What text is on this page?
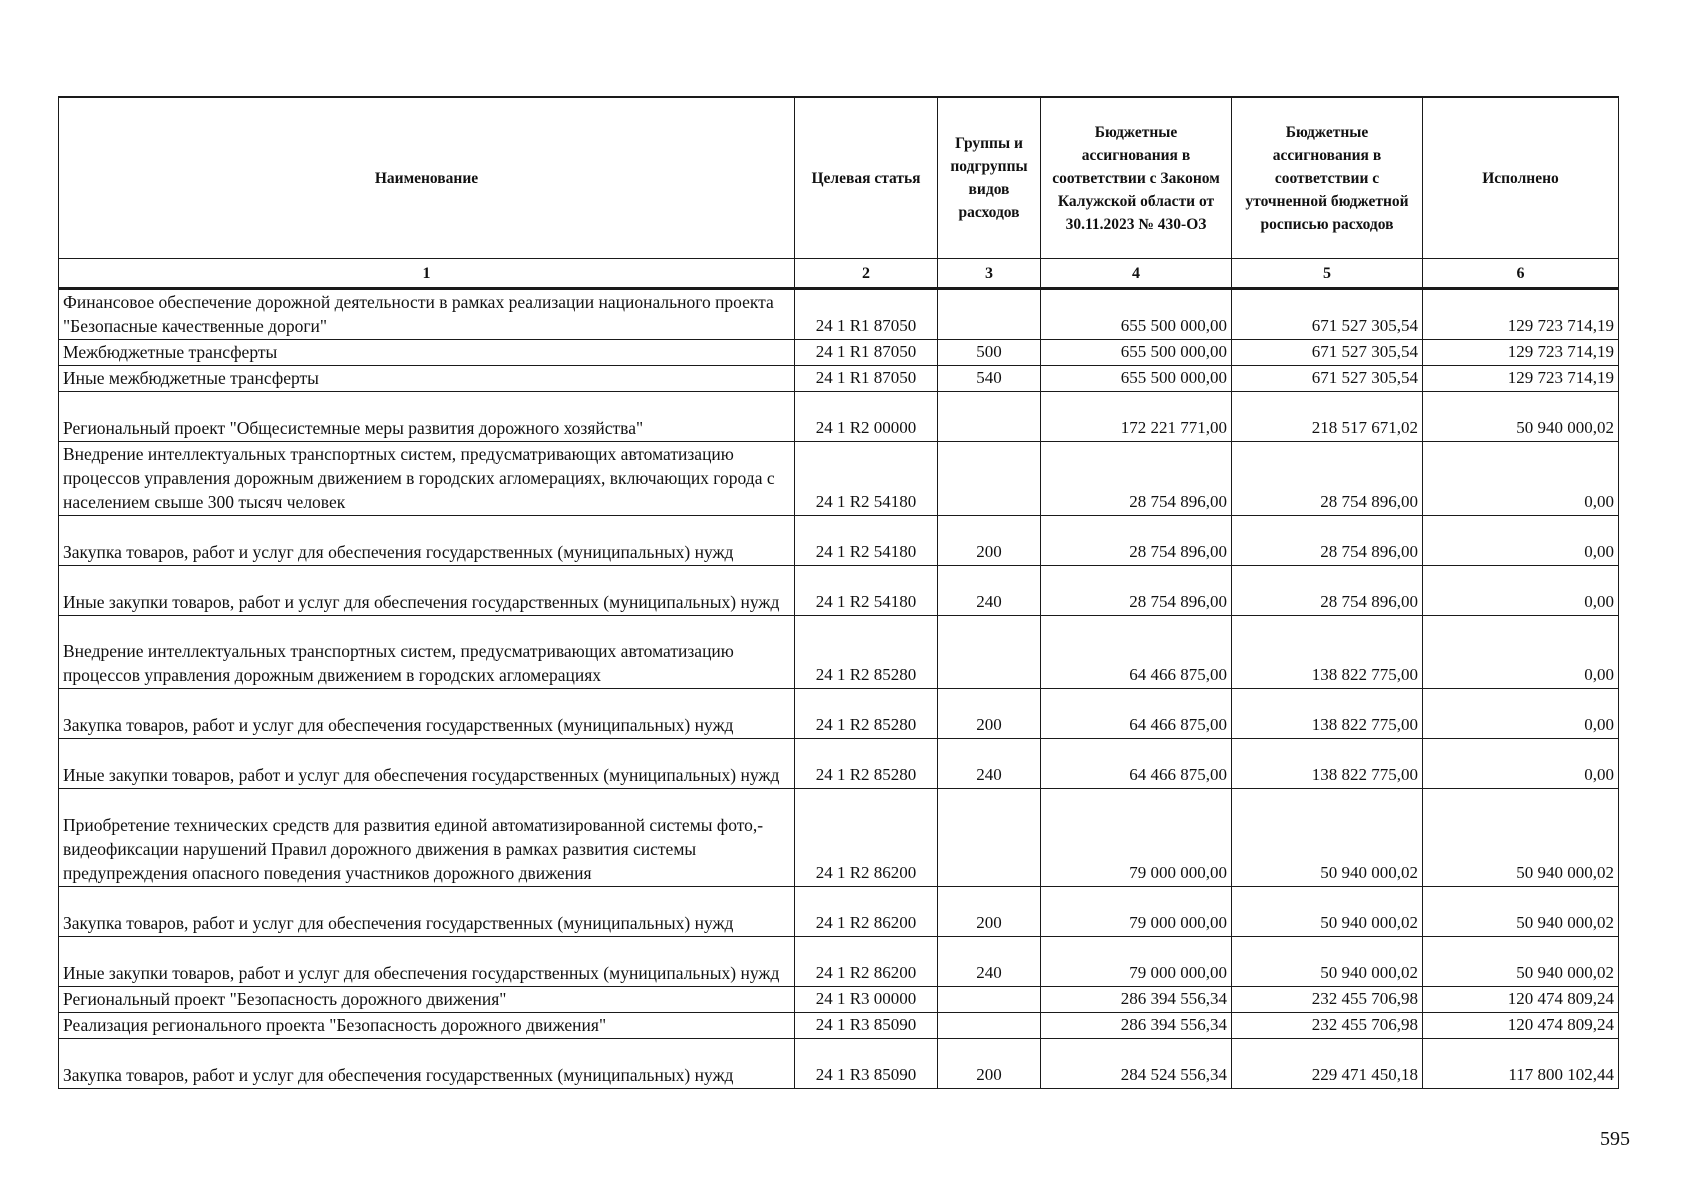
Наименование	Целевая статья	Группы и подгруппы видов расходов	Бюджетные ассигнования в соответствии с Законом Калужской области от 30.11.2023 № 430-ОЗ	Бюджетные ассигнования в соответствии с уточненной бюджетной росписью расходов	Исполнено
1	2	3	4	5	6
Финансовое обеспечение дорожной деятельности в рамках реализации национального проекта "Безопасные качественные дороги"	24 1 R1 87050		655 500 000,00	671 527 305,54	129 723 714,19
Межбюджетные трансферты	24 1 R1 87050	500	655 500 000,00	671 527 305,54	129 723 714,19
Иные межбюджетные трансферты	24 1 R1 87050	540	655 500 000,00	671 527 305,54	129 723 714,19
Региональный проект "Общесистемные меры развития дорожного хозяйства"	24 1 R2 00000		172 221 771,00	218 517 671,02	50 940 000,02
Внедрение интеллектуальных транспортных систем, предусматривающих автоматизацию процессов управления дорожным движением в городских агломерациях, включающих города с населением свыше 300 тысяч человек	24 1 R2 54180		28 754 896,00	28 754 896,00	0,00
Закупка товаров, работ и услуг для обеспечения государственных (муниципальных) нужд	24 1 R2 54180	200	28 754 896,00	28 754 896,00	0,00
Иные закупки товаров, работ и услуг для обеспечения государственных (муниципальных) нужд	24 1 R2 54180	240	28 754 896,00	28 754 896,00	0,00
Внедрение интеллектуальных транспортных систем, предусматривающих автоматизацию процессов управления дорожным движением в городских агломерациях	24 1 R2 85280		64 466 875,00	138 822 775,00	0,00
Закупка товаров, работ и услуг для обеспечения государственных (муниципальных) нужд	24 1 R2 85280	200	64 466 875,00	138 822 775,00	0,00
Иные закупки товаров, работ и услуг для обеспечения государственных (муниципальных) нужд	24 1 R2 85280	240	64 466 875,00	138 822 775,00	0,00
Приобретение технических средств для развития единой автоматизированной системы фото,- видеофиксации нарушений Правил дорожного движения в рамках развития системы предупреждения опасного поведения участников дорожного движения	24 1 R2 86200		79 000 000,00	50 940 000,02	50 940 000,02
Закупка товаров, работ и услуг для обеспечения государственных (муниципальных) нужд	24 1 R2 86200	200	79 000 000,00	50 940 000,02	50 940 000,02
Иные закупки товаров, работ и услуг для обеспечения государственных (муниципальных) нужд	24 1 R2 86200	240	79 000 000,00	50 940 000,02	50 940 000,02
Региональный проект "Безопасность дорожного движения"	24 1 R3 00000		286 394 556,34	232 455 706,98	120 474 809,24
Реализация регионального проекта "Безопасность дорожного движения"	24 1 R3 85090		286 394 556,34	232 455 706,98	120 474 809,24
Закупка товаров, работ и услуг для обеспечения государственных (муниципальных) нужд	24 1 R3 85090	200	284 524 556,34	229 471 450,18	117 800 102,44
595
